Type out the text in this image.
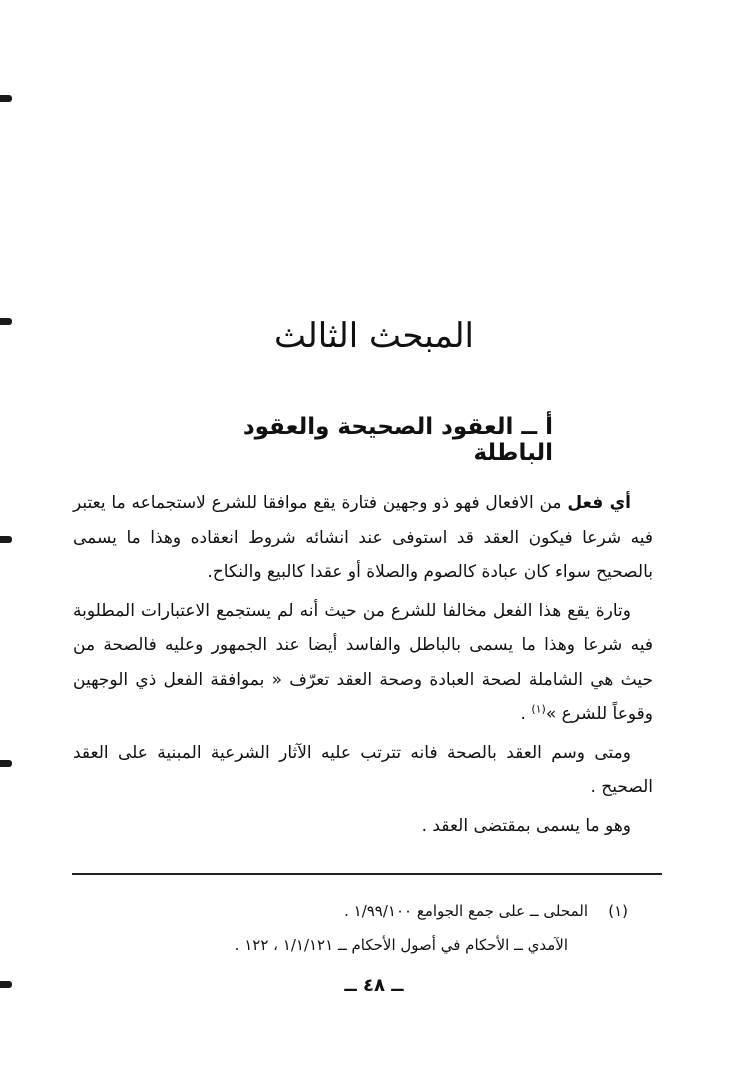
المبحث الثالث
أ ــ العقود الصحيحة والعقود الباطلة

أي فعل من الافعال فهو ذو وجهين فتارة يقع موافقا للشرع لاستجماعه ما يعتبر فيه شرعا فيكون العقد قد استوفى عند انشائه شروط انعقاده وهذا ما يسمى بالصحيح سواء كان عبادة كالصوم والصلاة أو عقدا كالبيع والنكاح.

وتارة يقع هذا الفعل مخالفا للشرع من حيث أنه لم يستجمع الاعتبارات المطلوبة فيه شرعا وهذا ما يسمى بالباطل والفاسد أيضا عند الجمهور وعليه فالصحة من حيث هي الشاملة لصحة العبادة وصحة العقد تعرّف « بموافقة الفعل ذي الوجهين وقوعاً للشرع »$^{(١)}$ .

ومتى وسم العقد بالصحة فانه تترتب عليه الآثار الشرعية المبنية على العقد الصحيح .

وهو ما يسمى بمقتضى العقد .

(١)المحلى ــ على جمع الجوامع ١/٩٩/١٠٠ .

الآمدي ــ الأحكام في أصول الأحكام ــ ١/١/١٢١ ، ١٢٢ .

ــ ٤٨ ــ
